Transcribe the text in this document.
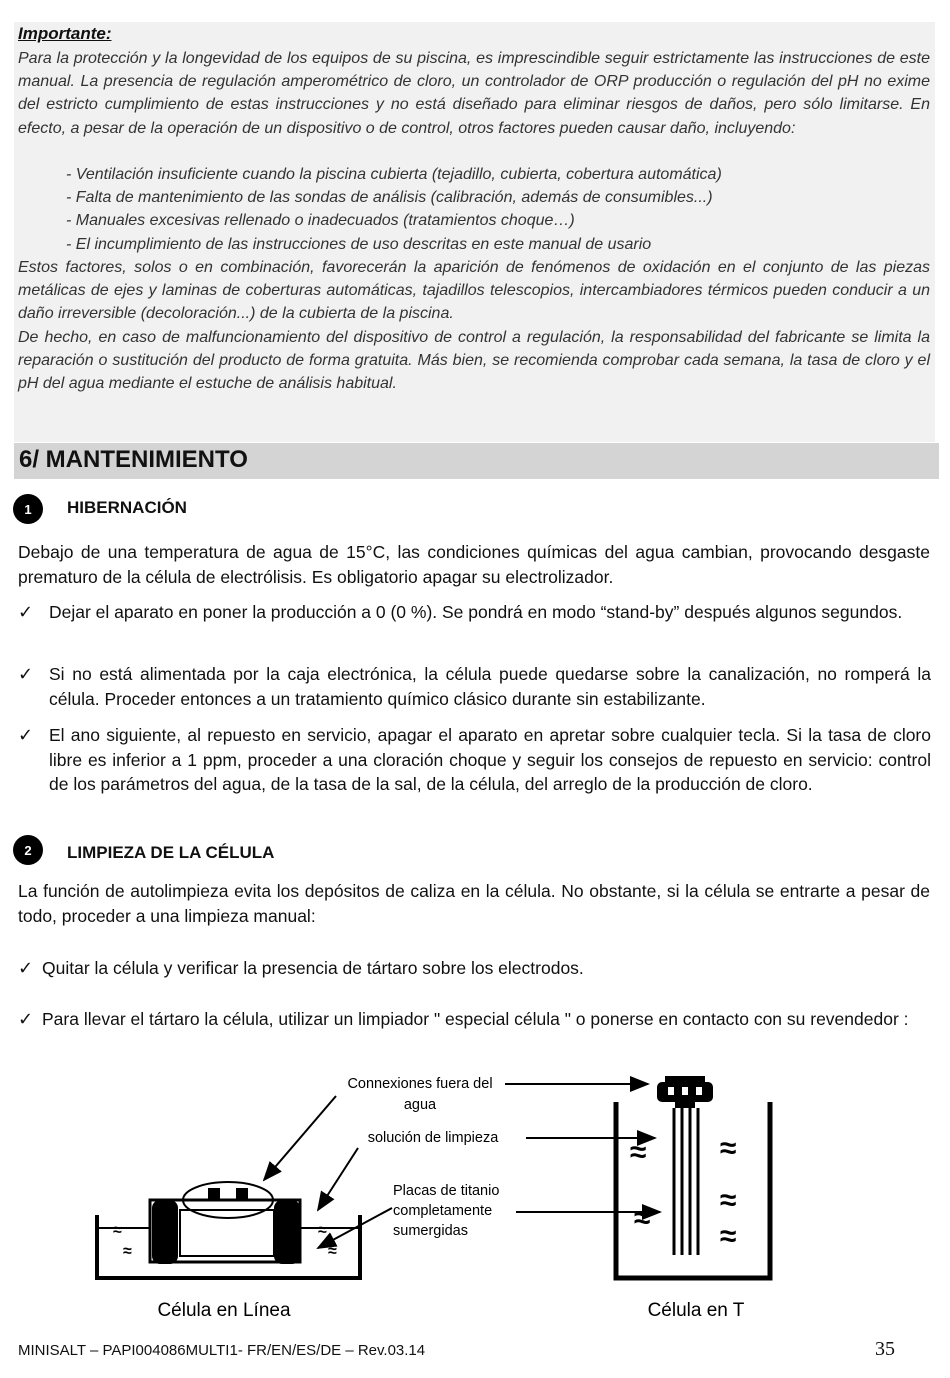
Importante:
Para la protección y la longevidad de los equipos de su piscina, es imprescindible seguir estrictamente las instrucciones de este manual. La presencia de regulación amperométrico de cloro, un controlador de ORP producción o regulación del pH no exime del estricto cumplimiento de estas instrucciones y no está diseñado para eliminar riesgos de daños, pero sólo limitarse. En efecto, a pesar de la operación de un dispositivo o de control, otros factores pueden causar daño, incluyendo:
- Ventilación insuficiente cuando la piscina cubierta (tejadillo, cubierta, cobertura automática)
- Falta de mantenimiento de las sondas de análisis (calibración, además de consumibles...)
- Manuales excesivas rellenado o inadecuados (tratamientos choque…)
- El incumplimiento de las instrucciones de uso descritas en este manual de usario
Estos factores, solos o en combinación, favorecerán la aparición de fenómenos de oxidación en el conjunto de las piezas metálicas de ejes y laminas de coberturas automáticas, tajadillos telescopios, intercambiadores térmicos pueden conducir a un daño irreversible (decoloración...) de la cubierta de la piscina.
De hecho, en caso de malfuncionamiento del dispositivo de control a regulación, la responsabilidad del fabricante se limita la reparación o sustitución del producto de forma gratuita. Más bien, se recomienda comprobar cada semana, la tasa de cloro y el pH del agua mediante el estuche de análisis habitual.
6/ MANTENIMIENTO
1	HIBERNACIÓN
Debajo de una temperatura de agua de 15°C, las condiciones químicas del agua cambian, provocando desgaste prematuro de la célula de electrólisis. Es obligatorio apagar su electrolizador.
✓ Dejar el aparato en poner la producción a 0 (0 %). Se pondrá en modo “stand-by” después algunos segundos.
✓ Si no está alimentada por la caja electrónica, la célula puede quedarse sobre la canalización, no romperá la célula. Proceder entonces a un tratamiento químico clásico durante sin estabilizante.
✓ El ano siguiente, al repuesto en servicio, apagar el aparato en apretar sobre cualquier tecla. Si la tasa de cloro libre es inferior a 1 ppm, proceder a una cloración choque y seguir los consejos de repuesto en servicio: control de los parámetros del agua, de la tasa de la sal, de la célula, del arreglo de la producción de cloro.
2	LIMPIEZA DE LA CÉLULA
La función de autolimpieza evita los depósitos de caliza en la célula. No obstante, si la célula se entrarte a pesar de todo, proceder a una limpieza manual:
✓ Quitar la célula y verificar la presencia de tártaro sobre los electrodos.
✓ Para llevar el tártaro la célula, utilizar un limpiador " especial célula " o ponerse en contacto con su revendedor :
Connexiones fuera del
agua
solución de limpieza
Placas de titanio
completamente
sumergidas
≈
≈
≈
≈
≈ ≈
≈
≈
≈
Célula en Línea	Célula en T
MINISALT – PAPI004086MULTI1- FR/EN/ES/DE – Rev.03.14	35
